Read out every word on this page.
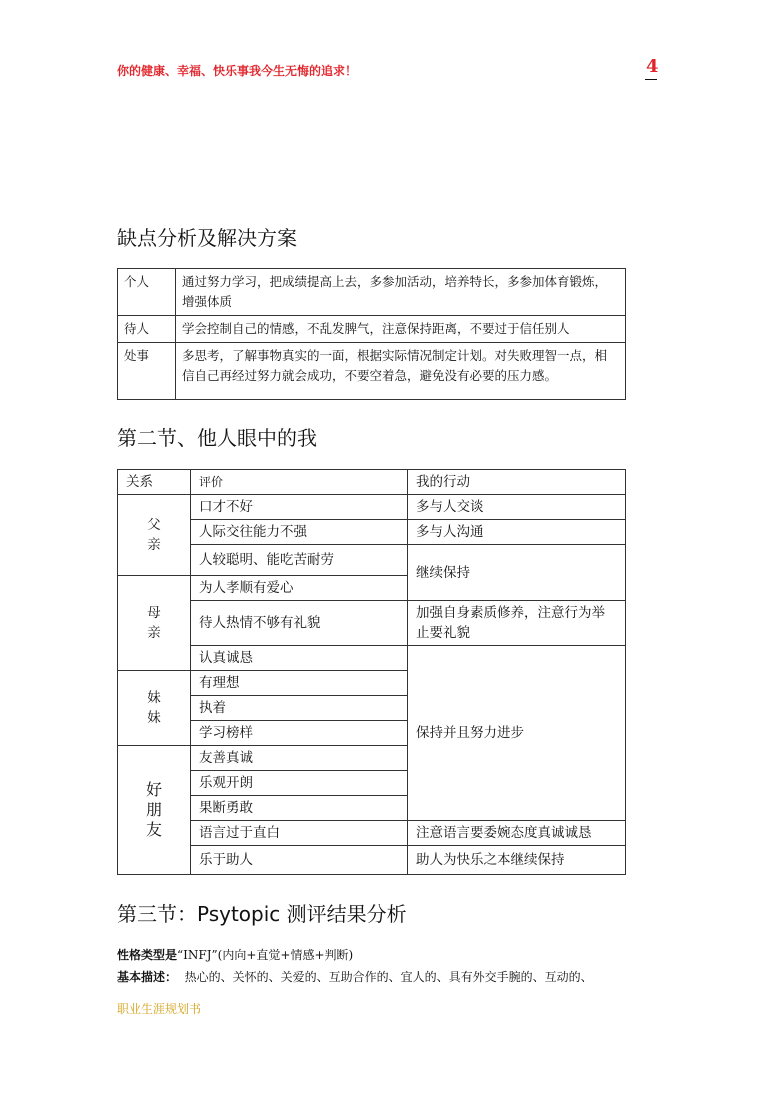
你的健康、幸福、快乐事我今生无悔的追求！	4
缺点分析及解决方案
个人	通过努力学习，把成绩提高上去，多参加活动，培养特长，多参加体育锻炼，增强体质
待人	学会控制自己的情感，不乱发脾气，注意保持距离，不要过于信任别人
处事	多思考，了解事物真实的一面，根据实际情况制定计划。对失败理智一点，相信自己再经过努力就会成功，不要空着急，避免没有必要的压力感。
第二节、他人眼中的我
关系	评价	我的行动
父亲	口才不好	多与人交谈
	人际交往能力不强	多与人沟通
	人较聪明、能吃苦耐劳	继续保持
母亲	为人孝顺有爱心	
	待人热情不够有礼貌	加强自身素质修养，注意行为举止要礼貌
	认真诚恳	保持并且努力进步
妹妹	有理想	
	执着	
	学习榜样	
好朋友	友善真诚	
	乐观开朗	
	果断勇敢	
	语言过于直白	注意语言要委婉态度真诚诚恳
	乐于助人	助人为快乐之本继续保持
第三节：Psytopic 测评结果分析
性格类型是“INFJ”(内向+直觉+情感+判断)
基本描述： 热心的、关怀的、关爱的、互助合作的、宜人的、具有外交手腕的、互动的、
职业生涯规划书
